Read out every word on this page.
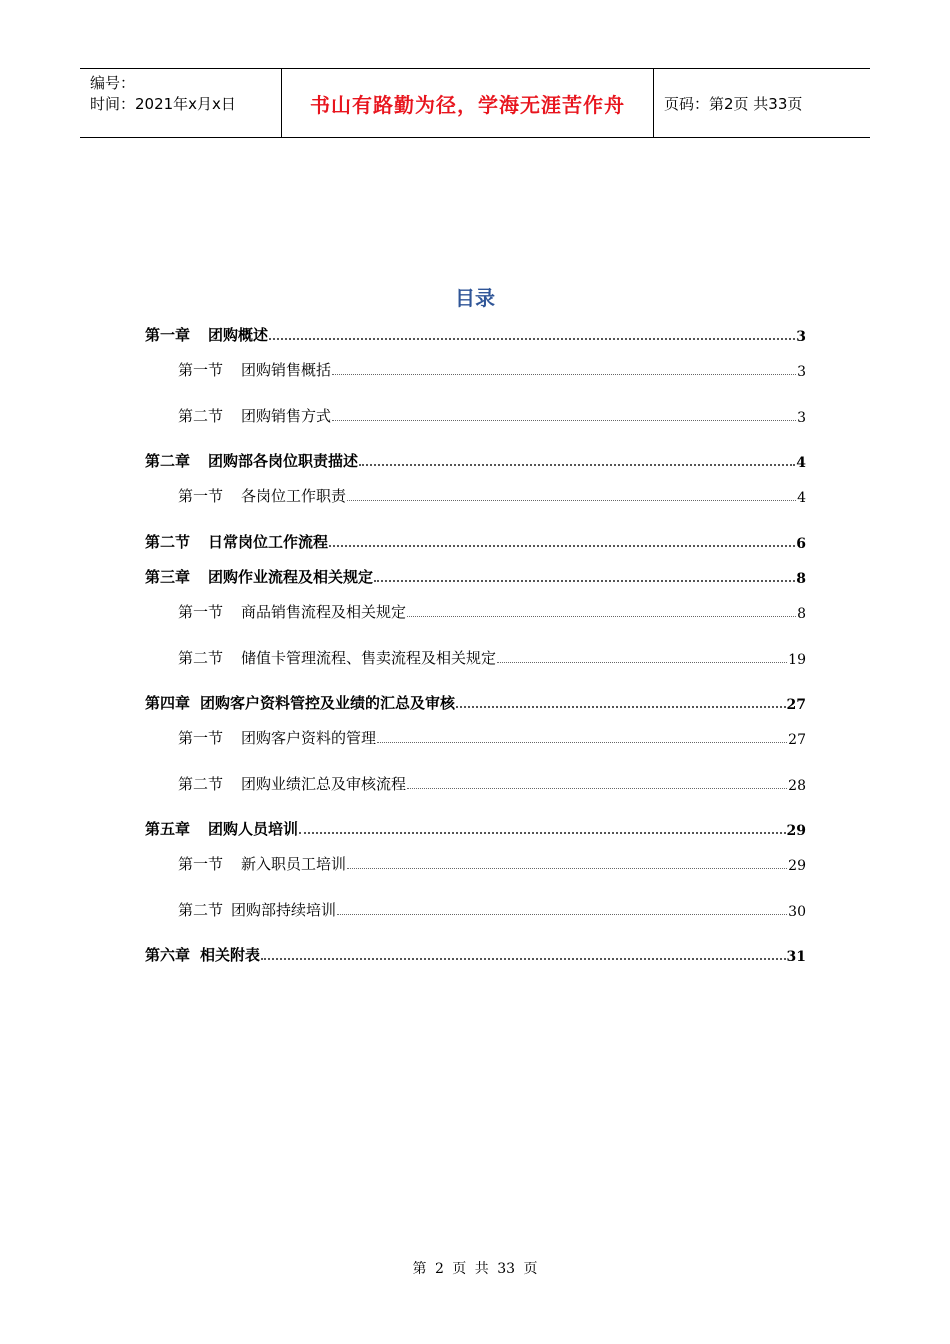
编号：
时间：2021年x月x日	书山有路勤为径，学海无涯苦作舟	页码：第2页 共33页
目录
第一章 团购概述	3
第一节 团购销售概括	3
第二节 团购销售方式	3
第二章 团购部各岗位职责描述	4
第一节 各岗位工作职责	4
第二节 日常岗位工作流程	6
第三章 团购作业流程及相关规定	8
第一节 商品销售流程及相关规定	8
第二节 储值卡管理流程、售卖流程及相关规定	19
第四章 团购客户资料管控及业绩的汇总及审核	27
第一节 团购客户资料的管理	27
第二节 团购业绩汇总及审核流程	28
第五章 团购人员培训	29
第一节 新入职员工培训	29
第二节 团购部持续培训	30
第六章 相关附表	31
第 2 页 共 33 页
